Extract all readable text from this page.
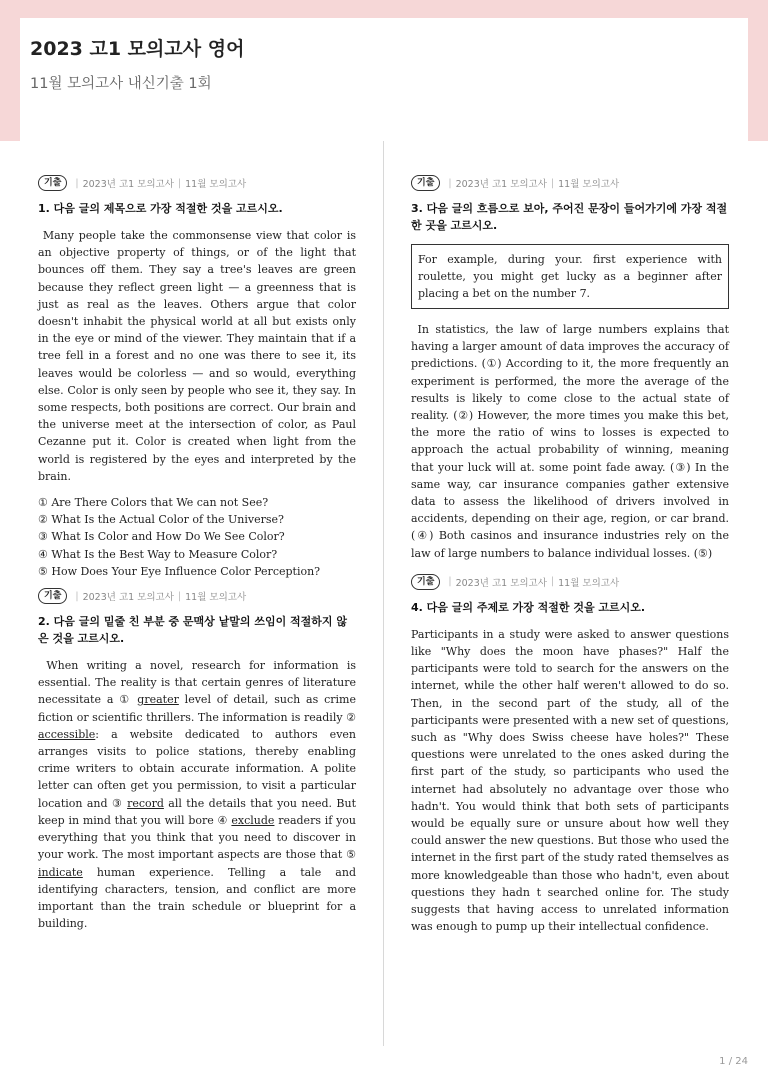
2023 고1 모의고사 영어
11월 모의고사 내신기출 1회
기출	| 2023년 고1 모의고사 | 11월 모의고사
1. 다음 글의 제목으로 가장 적절한 것을 고르시오.

Many people take the commonsense view that color is an objective property of things, or of the light that bounces off them. They say a tree's leaves are green because they reflect green light — a greenness that is just as real as the leaves. Others argue that color doesn't inhabit the physical world at all but exists only in the eye or mind of the viewer. They maintain that if a tree fell in a forest and no one was there to see it, its leaves would be colorless — and so would, everything else. Color is only seen by people who see it, they say. In some respects, both positions are correct. Our brain and the universe meet at the intersection of color, as Paul Cezanne put it. Color is created when light from the world is registered by the eyes and interpreted by the brain.

① Are There Colors that We can not See?
② What Is the Actual Color of the Universe?
③ What Is Color and How Do We See Color?
④ What Is the Best Way to Measure Color?
⑤ How Does Your Eye Influence Color Perception?
기출	| 2023년 고1 모의고사 | 11월 모의고사
2. 다음 글의 밑줄 친 부분 중 문맥상 낱말의 쓰임이 적절하지 않은 것을 고르시오.

When writing a novel, research for information is essential. The reality is that certain genres of literature necessitate a ① greater level of detail, such as crime fiction or scientific thrillers. The information is readily ② accessible: a website dedicated to authors even arranges visits to police stations, thereby enabling crime writers to obtain accurate information. A polite letter can often get you permission, to visit a particular location and ③ record all the details that you need. But keep in mind that you will bore ④ exclude readers if you everything that you think that you need to discover in your work. The most important aspects are those that ⑤ indicate human experience. Telling a tale and identifying characters, tension, and conflict are more important than the train schedule or blueprint for a building.

기출	| 2023년 고1 모의고사 | 11월 모의고사
3. 다음 글의 흐름으로 보아, 주어진 문장이 들어가기에 가장 적절한 곳을 고르시오.
For example, during your. first experience with roulette, you might get lucky as a beginner after placing a bet on the number 7.

In statistics, the law of large numbers explains that having a larger amount of data improves the accuracy of predictions. (①) According to it, the more frequently an experiment is performed, the more the average of the results is likely to come close to the actual state of reality. (②) However, the more times you make this bet, the more the ratio of wins to losses is expected to approach the actual probability of winning, meaning that your luck will at. some point fade away. (③) In the same way, car insurance companies gather extensive data to assess the likelihood of drivers involved in accidents, depending on their age, region, or car brand. (④) Both casinos and insurance industries rely on the law of large numbers to balance individual losses. (⑤)

기출	| 2023년 고1 모의고사 | 11월 모의고사
4. 다음 글의 주제로 가장 적절한 것을 고르시오.

Participants in a study were asked to answer questions like "Why does the moon have phases?" Half the participants were told to search for the answers on the internet, while the other half weren't allowed to do so. Then, in the second part of the study, all of the participants were presented with a new set of questions, such as "Why does Swiss cheese have holes?" These questions were unrelated to the ones asked during the first part of the study, so participants who used the internet had absolutely no advantage over those who hadn't. You would think that both sets of participants would be equally sure or unsure about how well they could answer the new questions. But those who used the internet in the first part of the study rated themselves as more knowledgeable than those who hadn't, even about questions they hadn t searched online for. The study suggests that having access to unrelated information was enough to pump up their intellectual confidence.

1 / 24
